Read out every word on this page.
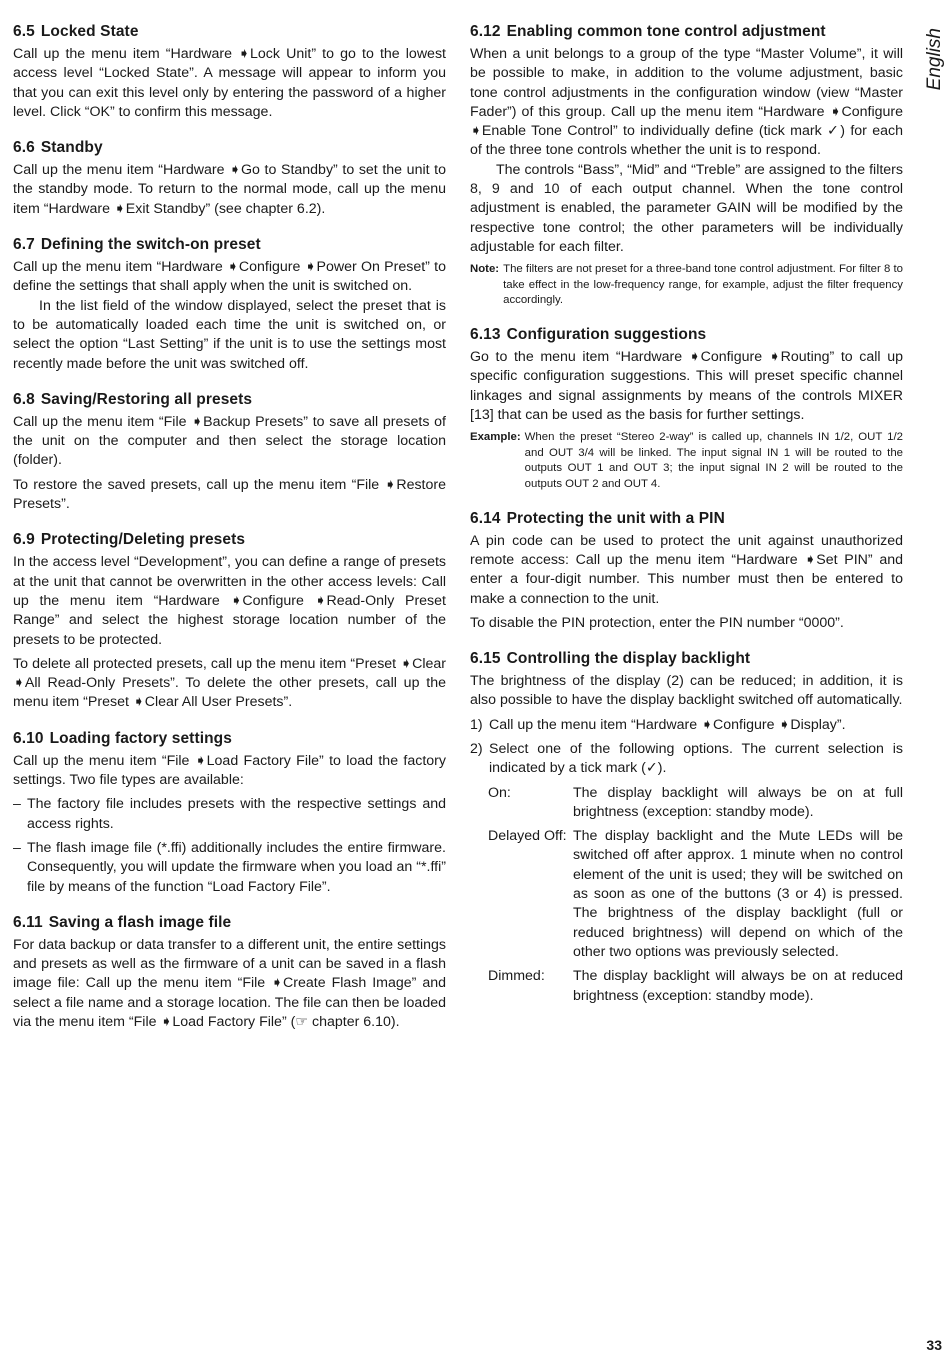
English
6.5 Locked State

Call up the menu item “Hardware ➧Lock Unit” to go to the lowest access level “Locked State”. A message will appear to inform you that you can exit this level only by entering the password of a higher level. Click “OK” to confirm this message.

6.6 Standby

Call up the menu item “Hardware ➧Go to Standby” to set the unit to the standby mode. To return to the normal mode, call up the menu item “Hardware ➧Exit Standby” (see chapter 6.2).

6.7 Defining the switch-on preset

Call up the menu item “Hardware ➧Configure ➧Power On Preset” to define the settings that shall apply when the unit is switched on.

In the list field of the window displayed, select the preset that is to be automatically loaded each time the unit is switched on, or select the option “Last Setting” if the unit is to use the settings most recently made before the unit was switched off.

6.8 Saving/Restoring all presets

Call up the menu item “File ➧Backup Presets” to save all presets of the unit on the computer and then select the storage location (folder).

To restore the saved presets, call up the menu item “File ➧Restore Presets”.

6.9 Protecting/Deleting presets

In the access level “Development”, you can define a range of presets at the unit that cannot be overwritten in the other access levels: Call up the menu item “Hardware ➧Configure ➧Read-Only Preset Range” and select the highest storage location number of the presets to be protected.

To delete all protected presets, call up the menu item “Preset ➧Clear ➧All Read-Only Presets”. To delete the other presets, call up the menu item “Preset ➧Clear All User Presets”.

6.10 Loading factory settings

Call up the menu item “File ➧Load Factory File” to load the factory settings. Two file types are available:

– The factory file includes presets with the respective settings and access rights.
– The flash image file (*.ffi) additionally includes the entire firmware. Consequently, you will update the firmware when you load an “*.ffi” file by means of the function “Load Factory File”.
6.11 Saving a flash image file

For data backup or data transfer to a different unit, the entire settings and presets as well as the firmware of a unit can be saved in a flash image file: Call up the menu item “File ➧Create Flash Image” and select a file name and a storage location. The file can then be loaded via the menu item “File ➧Load Factory File” (☞ chapter 6.10).

6.12 Enabling common tone control adjustment

When a unit belongs to a group of the type “Master Volume”, it will be possible to make, in addition to the volume adjustment, basic tone control adjustments in the configuration window (view “Master Fader”) of this group. Call up the menu item “Hardware ➧Configure ➧Enable Tone Control” to individually define (tick mark ✓) for each of the three tone controls whether the unit is to respond.

The controls “Bass”, “Mid” and “Treble” are assigned to the filters 8, 9 and 10 of each output channel. When the tone control adjustment is enabled, the parameter GAIN will be modified by the respective tone control; the other parameters will be individually adjustable for each filter.

Note: The filters are not preset for a three-band tone control adjustment. For filter 8 to take effect in the low-frequency range, for example, adjust the filter frequency accordingly.
6.13 Configuration suggestions

Go to the menu item “Hardware ➧Configure ➧Routing” to call up specific configuration suggestions. This will preset specific channel linkages and signal assignments by means of the controls MIXER [13] that can be used as the basis for further settings.

Example: When the preset “Stereo 2-way” is called up, channels IN 1/2, OUT 1/2 and OUT 3/4 will be linked. The input signal IN 1 will be routed to the outputs OUT 1 and OUT 3; the input signal IN 2 will be routed to the outputs OUT 2 and OUT 4.
6.14 Protecting the unit with a PIN

A pin code can be used to protect the unit against unauthorized remote access: Call up the menu item “Hardware ➧Set PIN” and enter a four-digit number. This number must then be entered to make a connection to the unit.

To disable the PIN protection, enter the PIN number “0000”.

6.15 Controlling the display backlight

The brightness of the display (2) can be reduced; in addition, it is also possible to have the display backlight switched off automatically.

1) Call up the menu item “Hardware ➧Configure ➧Display”.
2) Select one of the following options. The current selection is indicated by a tick mark (✓).
On:	The display backlight will always be on at full brightness (exception: standby mode).
Delayed Off: The display backlight and the Mute LEDs will be switched off after approx. 1 minute when no control element of the unit is used; they will be switched on as soon as one of the buttons (3 or 4) is pressed. The brightness of the display backlight (full or reduced brightness) will depend on which of the other two options was previously selected.
Dimmed:	The display backlight will always be on at reduced brightness (exception: standby mode).
33
